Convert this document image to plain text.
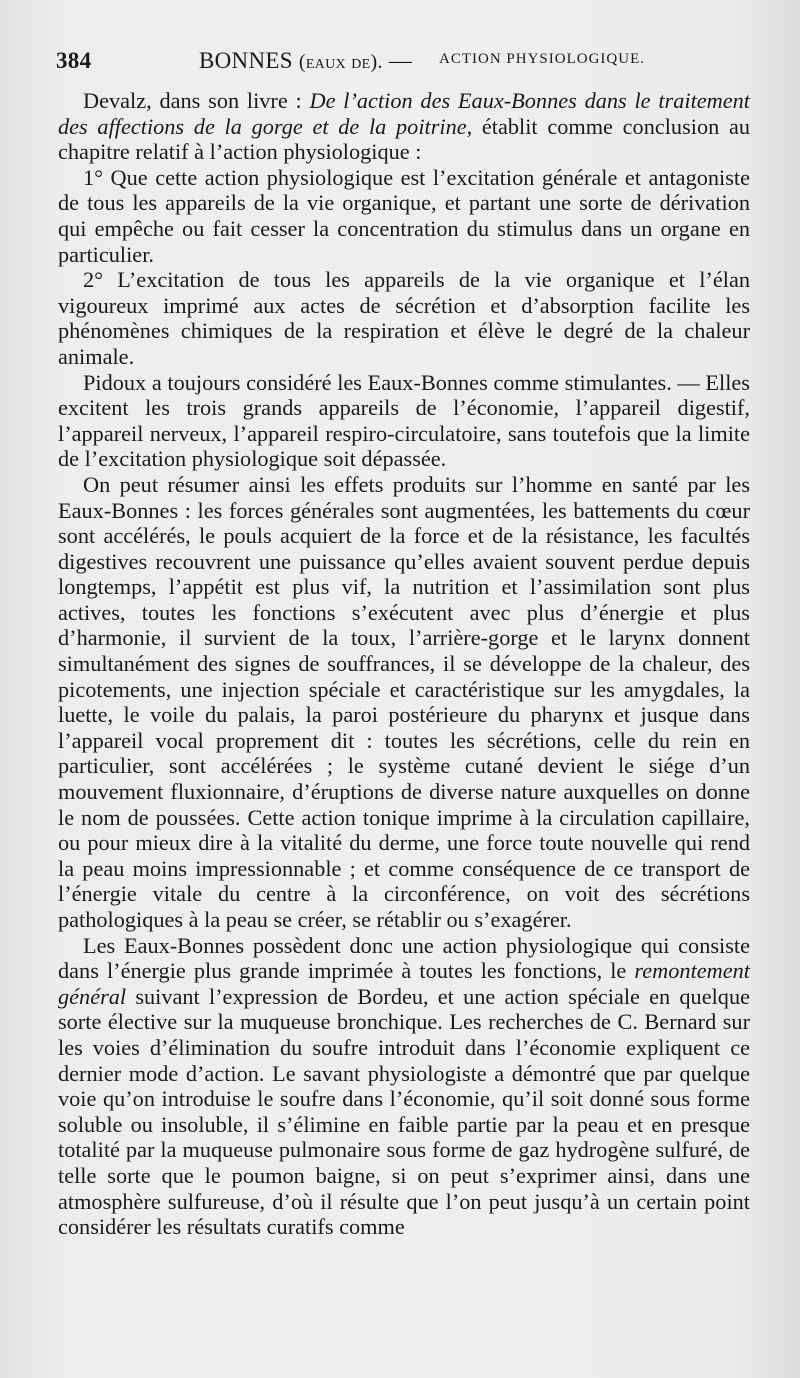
384	BONNES (eaux de). — ACTION PHYSIOLOGIQUE.

Devalz, dans son livre : De l’action des Eaux-Bonnes dans le traitement des affections de la gorge et de la poitrine, établit comme conclusion au chapitre relatif à l’action physiologique :

1° Que cette action physiologique est l’excitation générale et antagoniste de tous les appareils de la vie organique, et partant une sorte de dérivation qui empêche ou fait cesser la concentration du stimulus dans un organe en particulier.

2° L’excitation de tous les appareils de la vie organique et l’élan vigoureux imprimé aux actes de sécrétion et d’absorption facilite les phénomènes chimiques de la respiration et élève le degré de la chaleur animale.

Pidoux a toujours considéré les Eaux-Bonnes comme stimulantes. — Elles excitent les trois grands appareils de l’économie, l’appareil digestif, l’appareil nerveux, l’appareil respiro-circulatoire, sans toutefois que la limite de l’excitation physiologique soit dépassée.

On peut résumer ainsi les effets produits sur l’homme en santé par les Eaux-Bonnes : les forces générales sont augmentées, les battements du cœur sont accélérés, le pouls acquiert de la force et de la résistance, les facultés digestives recouvrent une puissance qu’elles avaient souvent perdue depuis longtemps, l’appétit est plus vif, la nutrition et l’assimilation sont plus actives, toutes les fonctions s’exécutent avec plus d’énergie et plus d’harmonie, il survient de la toux, l’arrière-gorge et le larynx donnent simultanément des signes de souffrances, il se développe de la chaleur, des picotements, une injection spéciale et caractéristique sur les amygdales, la luette, le voile du palais, la paroi postérieure du pharynx et jusque dans l’appareil vocal proprement dit : toutes les sécrétions, celle du rein en particulier, sont accélérées ; le système cutané devient le siége d’un mouvement fluxionnaire, d’éruptions de diverse nature auxquelles on donne le nom de poussées. Cette action tonique imprime à la circulation capillaire, ou pour mieux dire à la vitalité du derme, une force toute nouvelle qui rend la peau moins impressionnable ; et comme conséquence de ce transport de l’énergie vitale du centre à la circonférence, on voit des sécrétions pathologiques à la peau se créer, se rétablir ou s’exagérer.

Les Eaux-Bonnes possèdent donc une action physiologique qui consiste dans l’énergie plus grande imprimée à toutes les fonctions, le remontement général suivant l’expression de Bordeu, et une action spéciale en quelque sorte élective sur la muqueuse bronchique. Les recherches de C. Bernard sur les voies d’élimination du soufre introduit dans l’économie expliquent ce dernier mode d’action. Le savant physiologiste a démontré que par quelque voie qu’on introduise le soufre dans l’économie, qu’il soit donné sous forme soluble ou insoluble, il s’élimine en faible partie par la peau et en presque totalité par la muqueuse pulmonaire sous forme de gaz hydrogène sulfuré, de telle sorte que le poumon baigne, si on peut s’exprimer ainsi, dans une atmosphère sulfureuse, d’où il résulte que l’on peut jusqu’à un certain point considérer les résultats curatifs comme
